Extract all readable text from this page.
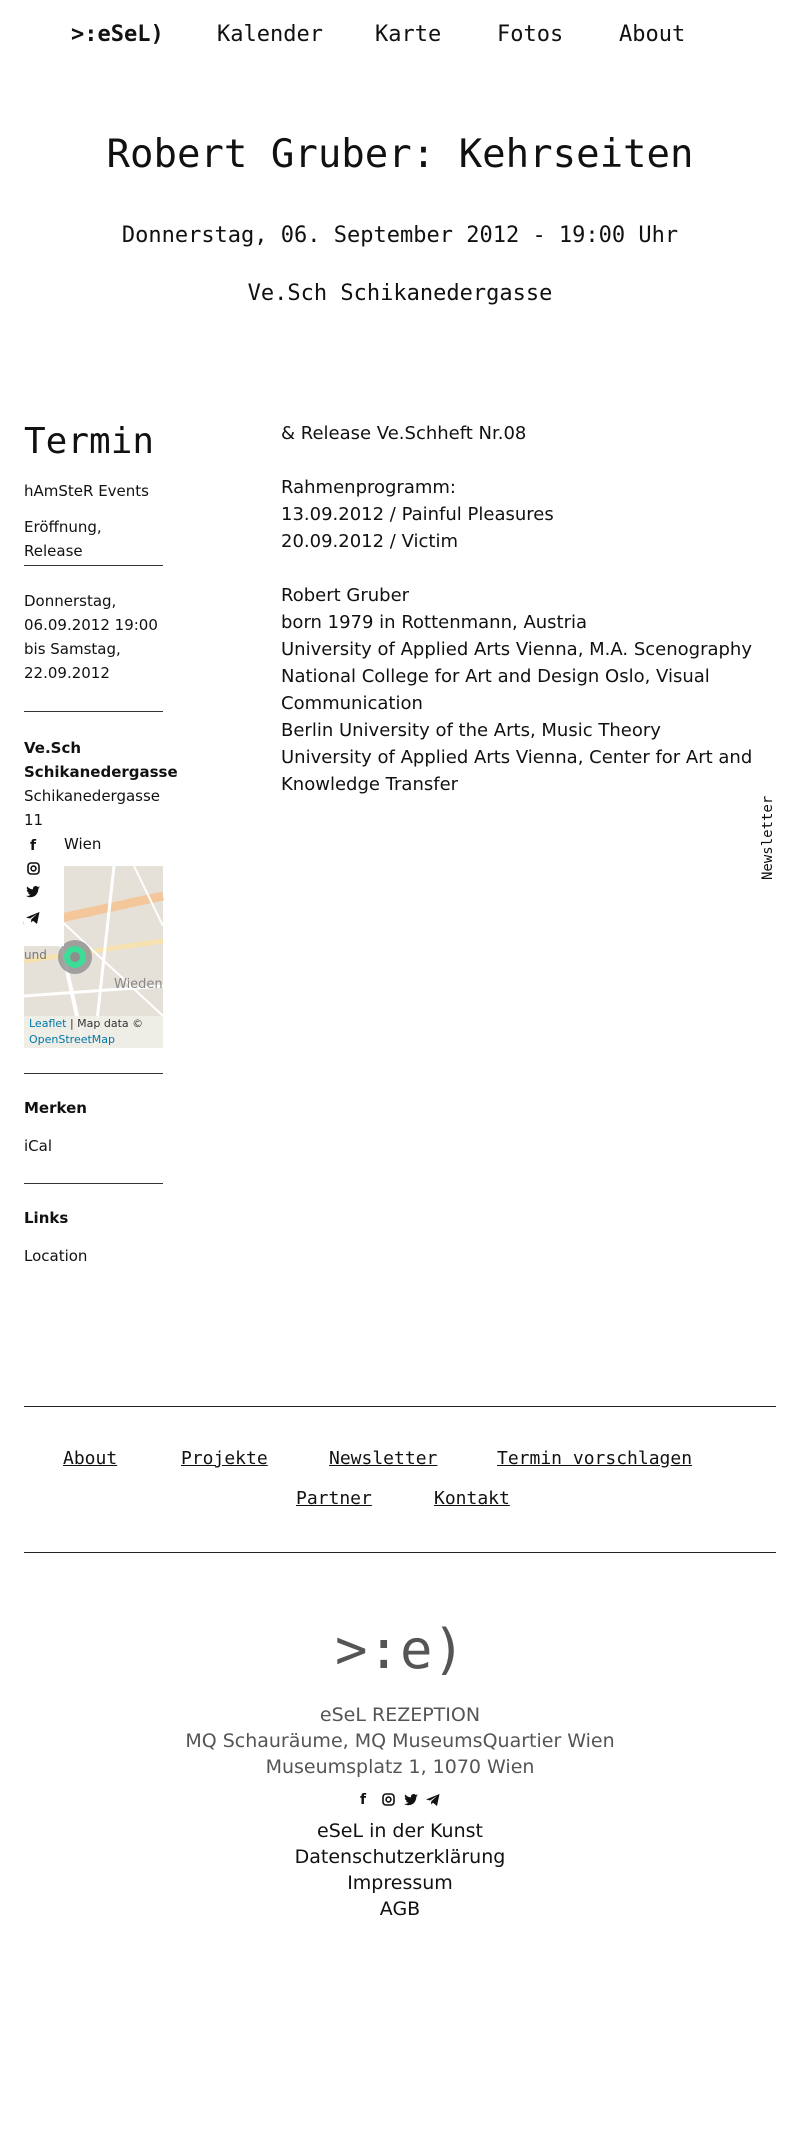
>:eSeL) Kalender Karte	Fotos	About
Robert Gruber: Kehrseiten
Donnerstag, 06. September 2012 - 19:00 Uhr
Ve.Sch Schikanedergasse
Termin
hAmSteR Events
Eröffnung, Release
Donnerstag,
06.09.2012 19:00
bis Samstag,
22.09.2012
Ve.Sch
Schikanedergasse
Schikanedergasse
11
Wien
und
Wieden
Leaflet | Map data ©
OpenStreetMap
f
Merken
iCal
Links
Location

& Release Ve.Schheft Nr.08

Rahmenprogramm:

13.09.2012 / Painful Pleasures

20.09.2012 / Victim

Robert Gruber

born 1979 in Rottenmann, Austria

University of Applied Arts Vienna, M.A. Scenography

National College for Art and Design Oslo, Visual

Communication

Berlin University of the Arts, Music Theory

University of Applied Arts Vienna, Center for Art and

Knowledge Transfer

Newsletter
About	Projekte	Newsletter	Termin vorschlagen
Partner	Kontakt
>:e)
eSeL REZEPTION
MQ Schauräume, MQ MuseumsQuartier Wien
Museumsplatz 1, 1070 Wien
f
eSeL in der Kunst
Datenschutzerklärung
Impressum
AGB
